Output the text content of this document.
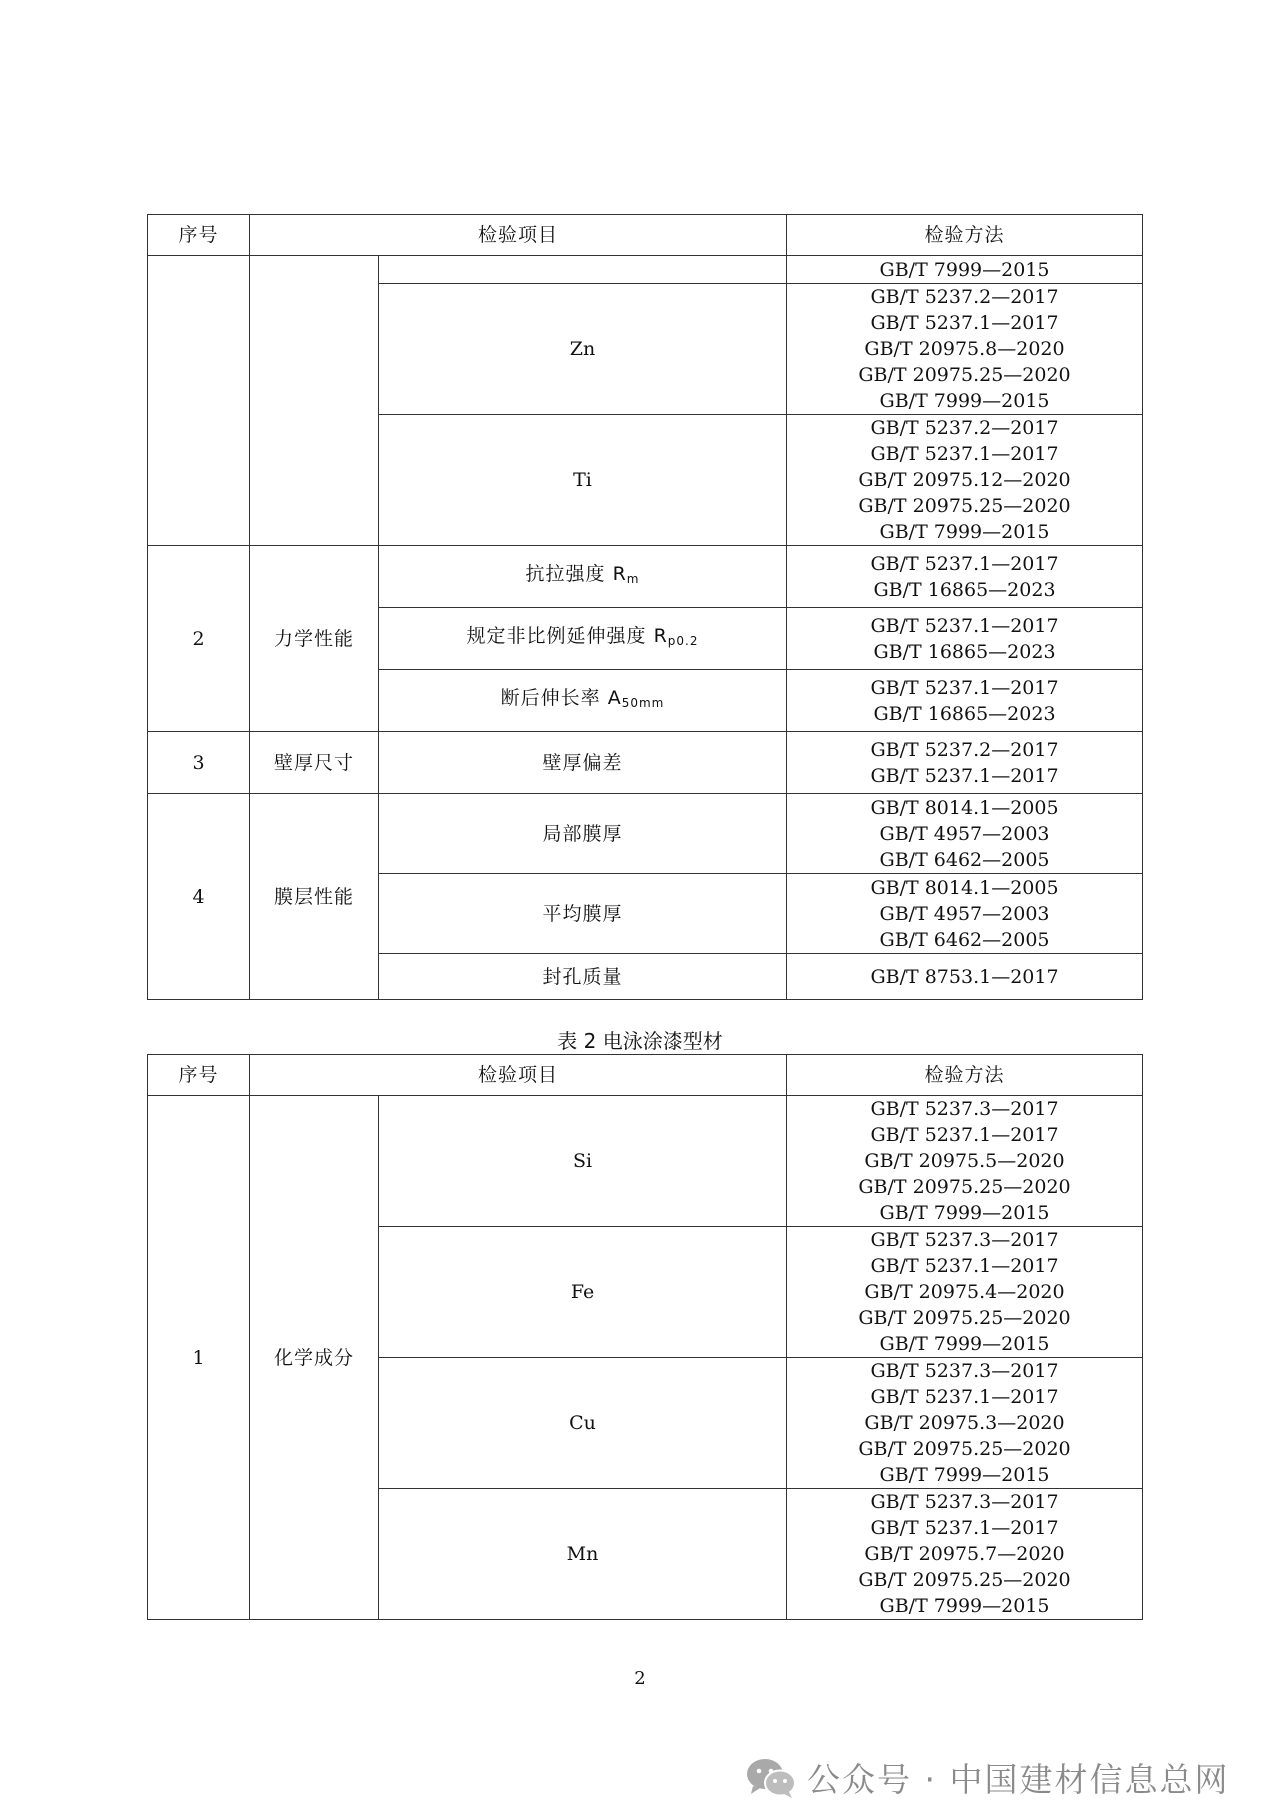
序号	检验项目		检验方法

			GB/T 7999—2015

		Zn	GB/T 5237.2—2017
GB/T 5237.1—2017
GB/T 20975.8—2020
GB/T 20975.25—2020
GB/T 7999—2015

		Ti	GB/T 5237.2—2017
GB/T 5237.1—2017
GB/T 20975.12—2020
GB/T 20975.25—2020
GB/T 7999—2015

2	力学性能	抗拉强度 $R_m$	GB/T 5237.1—2017
GB/T 16865—2023

		规定非比例延伸强度 $R_{p0.2}$	GB/T 5237.1—2017
GB/T 16865—2023

		断后伸长率 $A_{50mm}$	GB/T 5237.1—2017
GB/T 16865—2023

3	壁厚尺寸	壁厚偏差	GB/T 5237.2—2017
GB/T 5237.1—2017

4	膜层性能	局部膜厚	GB/T 8014.1—2005
GB/T 4957—2003
GB/T 6462—2005

		平均膜厚	GB/T 8014.1—2005
GB/T 4957—2003
GB/T 6462—2005

		封孔质量	GB/T 8753.1—2017
表 2 电泳涂漆型材
序号	检验项目		检验方法
1	化学成分	Si	GB/T 5237.3—2017
GB/T 5237.1—2017
GB/T 20975.5—2020
GB/T 20975.25—2020
GB/T 7999—2015

		Fe	GB/T 5237.3—2017
GB/T 5237.1—2017
GB/T 20975.4—2020
GB/T 20975.25—2020
GB/T 7999—2015

		Cu	GB/T 5237.3—2017
GB/T 5237.1—2017
GB/T 20975.3—2020
GB/T 20975.25—2020
GB/T 7999—2015

		Mn	GB/T 5237.3—2017
GB/T 5237.1—2017
GB/T 20975.7—2020
GB/T 20975.25—2020
GB/T 7999—2015
2
公众号 · 中国建材信息总网
